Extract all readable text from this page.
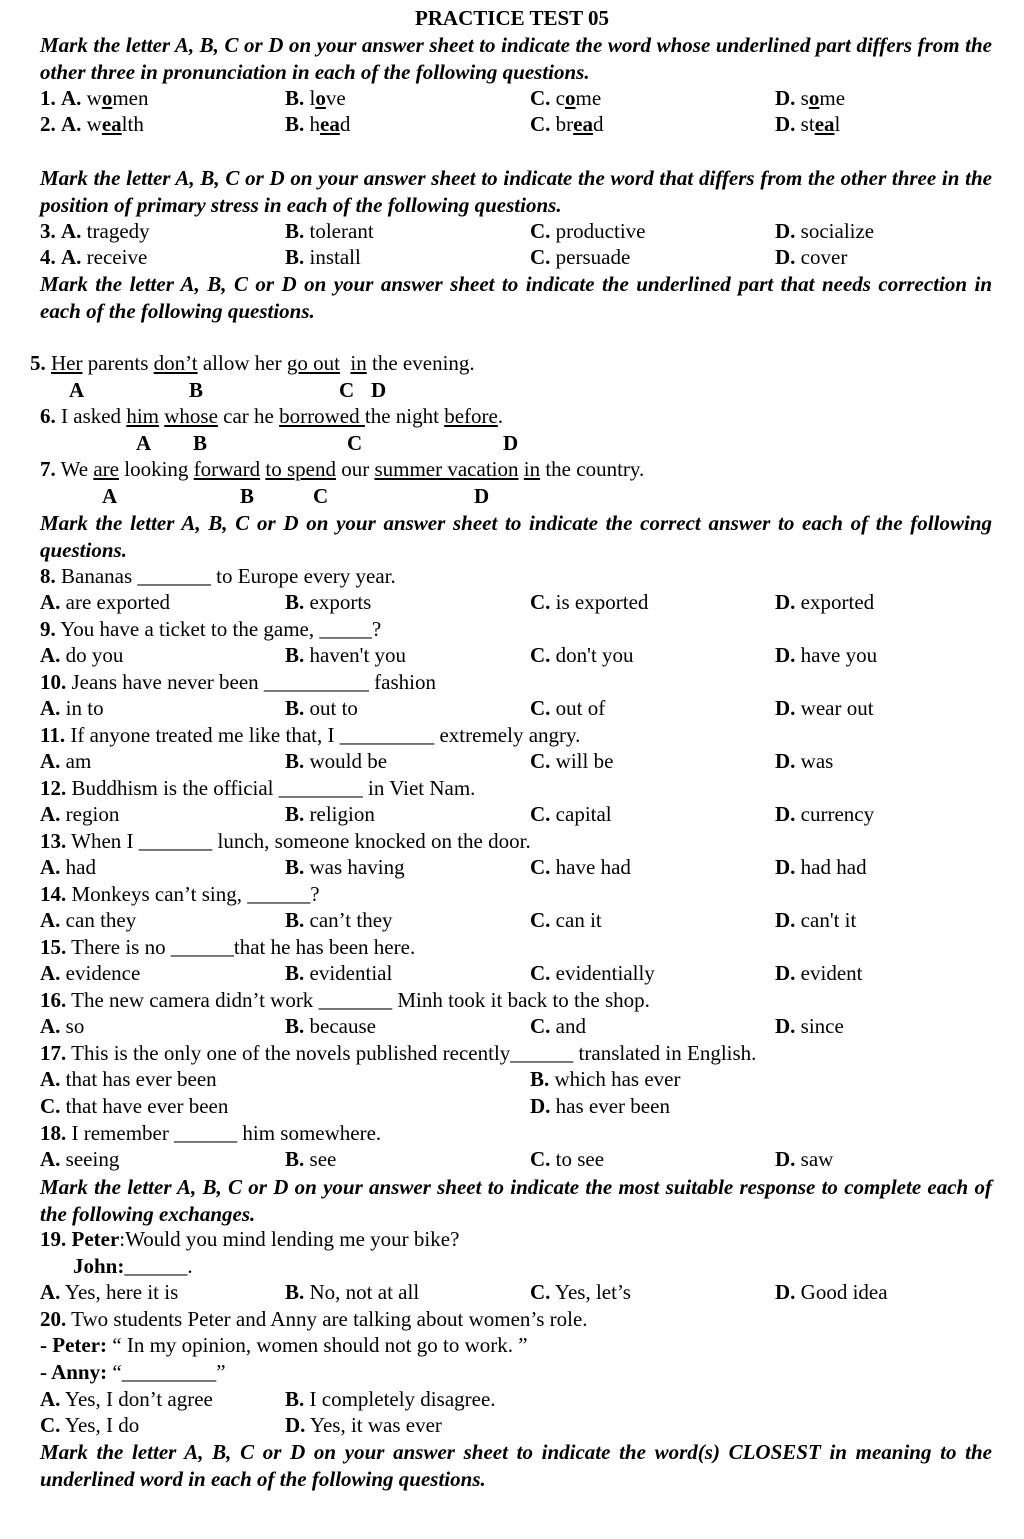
PRACTICE TEST 05
Mark the letter A, B, C or D on your answer sheet to indicate the word whose underlined part differs from the other three in pronunciation in each of the following questions.
1. A. women	B. love	C. come	D. some
2. A. wealth	B. head	C. bread	D. steal
Mark the letter A, B, C or D on your answer sheet to indicate the word that differs from the other three in the position of primary stress in each of the following questions.
3. A. tragedy	B. tolerant	C. productive	D. socialize
4. A. receive	B. install	C. persuade	D. cover
Mark the letter A, B, C or D on your answer sheet to indicate the underlined part that needs correction in each of the following questions.
5. Her parents don’t allow her go out in the evening.
A	B	C D
6. I asked him whose car he borrowed the night before.
A B	C	D
7. We are looking forward to spend our summer vacation in the country.
A	B	C	D
Mark the letter A, B, C or D on your answer sheet to indicate the correct answer to each of the following questions.
8. Bananas _______ to Europe every year.
A. are exported	B. exports	C. is exported	D. exported
9. You have a ticket to the game, _____?
A. do you	B. haven't you	C. don't you	D. have you
10. Jeans have never been __________ fashion
A. in to	B. out to	C. out of	D. wear out
11. If anyone treated me like that, I _________ extremely angry.
A. am	B. would be	C. will be	D. was
12. Buddhism is the official ________ in Viet Nam.
A. region	B. religion	C. capital	D. currency
13. When I _______ lunch, someone knocked on the door.
A. had	B. was having	C. have had	D. had had
14. Monkeys can’t sing, ______?
A. can they	B. can’t they	C. can it	D. can't it
15. There is no ______that he has been here.
A. evidence	B. evidential	C. evidentially	D. evident
16. The new camera didn’t work _______ Minh took it back to the shop.
A. so	B. because	C. and	D. since
17. This is the only one of the novels published recently______ translated in English.
A. that has ever been	B. which has ever
C. that have ever been	D. has ever been
18. I remember ______ him somewhere.
A. seeing	B. see	C. to see	D. saw
Mark the letter A, B, C or D on your answer sheet to indicate the most suitable response to complete each of the following exchanges.
19. Peter:Would you mind lending me your bike?
John:______.
A. Yes, here it is	B. No, not at all	C. Yes, let’s	D. Good idea
20. Two students Peter and Anny are talking about women’s role.
- Peter: “ In my opinion, women should not go to work. ”
- Anny: “_________”
A. Yes, I don’t agree	B. I completely disagree.
C. Yes, I do	D. Yes, it was ever
Mark the letter A, B, C or D on your answer sheet to indicate the word(s) CLOSEST in meaning to the underlined word in each of the following questions.
